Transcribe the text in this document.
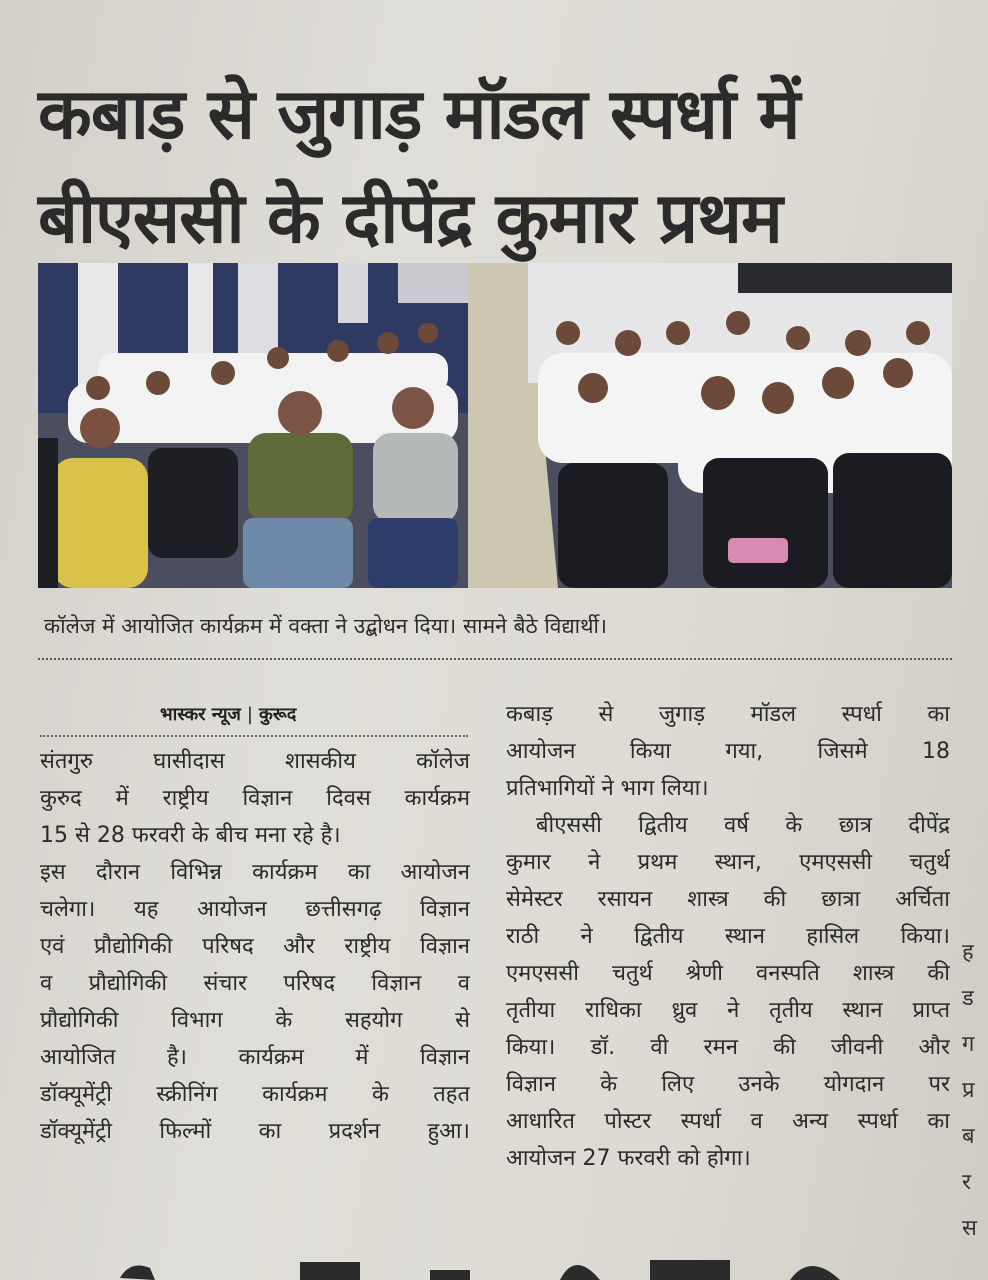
कबाड़ से जुगाड़ मॉडल स्पर्धा में
बीएससी के दीपेंद्र कुमार प्रथम
कॉलेज में आयोजित कार्यक्रम में वक्ता ने उद्बोधन दिया। सामने बैठे विद्यार्थी।
भास्कर न्यूज | कुरूद
संतगुरु घासीदास शासकीय कॉलेज
कुरुद में राष्ट्रीय विज्ञान दिवस कार्यक्रम
15 से 28 फरवरी के बीच मना रहे है।
इस दौरान विभिन्न कार्यक्रम का आयोजन
चलेगा। यह आयोजन छत्तीसगढ़ विज्ञान
एवं प्रौद्योगिकी परिषद और राष्ट्रीय विज्ञान
व प्रौद्योगिकी संचार परिषद विज्ञान व
प्रौद्योगिकी विभाग के सहयोग से
आयोजित है। कार्यक्रम में विज्ञान
डॉक्यूमेंट्री स्क्रीनिंग कार्यक्रम के तहत
डॉक्यूमेंट्री फिल्मों का प्रदर्शन हुआ।
कबाड़ से जुगाड़ मॉडल स्पर्धा का
आयोजन किया गया, जिसमे 18
प्रतिभागियों ने भाग लिया।
बीएससी द्वितीय वर्ष के छात्र दीपेंद्र
कुमार ने प्रथम स्थान, एमएससी चतुर्थ
सेमेस्टर रसायन शास्त्र की छात्रा अर्चिता
राठी ने द्वितीय स्थान हासिल किया।
एमएससी चतुर्थ श्रेणी वनस्पति शास्त्र की
तृतीया राधिका ध्रुव ने तृतीय स्थान प्राप्त
किया। डॉ. वी रमन की जीवनी और
विज्ञान के लिए उनके योगदान पर
आधारित पोस्टर स्पर्धा व अन्य स्पर्धा का
आयोजन 27 फरवरी को होगा।
ह
ड
ग
प्र
ब
र
स
